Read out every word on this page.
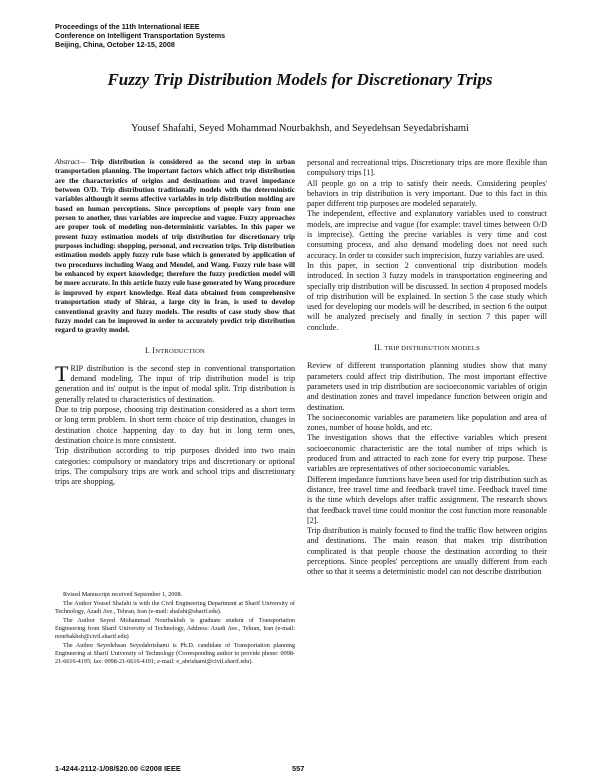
Proceedings of the 11th International IEEE
Conference on Intelligent Transportation Systems
Beijing, China, October 12-15, 2008
Fuzzy Trip Distribution Models for Discretionary Trips
Yousef Shafahi, Seyed Mohammad Nourbakhsh, and Seyedehsan Seyedabrishami

Abstract— Trip distribution is considered as the second step in urban transportation planning. The important factors which affect trip distribution are the characteristics of origins and destinations and travel impedance between O/D. Trip distribution traditionally models with the deterministic variables although it seems affective variables in trip distribution molding are based on human perceptions. Since perceptions of people vary from one person to another, thus variables are imprecise and vague. Fuzzy approaches are proper took of modeling non-deterministic variables. In this paper we present fuzzy estimation models of trip distribution for discretionary trip purposes including: shopping, personal, and recreation trips. Trip distribution estimation models apply fuzzy rule base which is generated by application of two procedures including Wang and Mendel, and Wang. Fuzzy rule base will be enhanced by expert knowledge; therefore the fuzzy prediction model will be more accurate. In this article fuzzy rule base generated by Wang procedure is improved by expert knowledge. Real data obtained from comprehensive transportation study of Shiraz, a large city in Iran, is used to develop conventional gravity and fuzzy models. The results of case study show that fuzzy model can be improved in order to accurately predict trip distribution regard to gravity model.

I. INTRODUCTION

TRIP distribution is the second step in conventional transportation demand modeling. The input of trip distribution model is trip generation and its' output is the input of modal split. Trip distribution is generally related to characteristics of destination.

Due to trip purpose, choosing trip destination considered as a short term or long term problem. In short term choice of trip destination, changes in destination choice happening day to day but in long term ones, destination choice is more consistent.

Trip distribution according to trip purposes divided into two main categories: compulsory or mandatory trips and discretionary or optional trips. The compulsory trips are work and school trips and discretionary trips are shopping,

Rvised Manuscript received September 1, 2008.

The Author Yousef Shafahi is with the Civil Engineering Department at Sharif University of Technology, Azadi Ave., Tehran, Iran (e-mail: shafahi@sharif.edu).

The Author Seyed Mohammad Nourbakhsh is graduate student of Transportation Engineering from Sharif University of Technology, Address: Azadi Ave., Tehran, Iran (e-mail: nourbakhsh@civil.sharif.edu)

The Author Seyedehsan Seyedabrishami is Ph.D. candidate of Transportation planning Engineering at Sharif University of Technology (Corresponding author to provide phone: 0098-21-6616-4195; fax: 0098-21-6616-4191; e-mail: e_abrishami@civil.sharif.edu).

personal and recreational trips. Discretionary trips are more flexible than compulsory trips [1].

All people go on a trip to satisfy their needs. Considering peoples' behaviors in trip distribution is very important. Due to this fact in this paper different trip purposes are modeled separately.

The independent, effective and explanatory variables used to construct models, are imprecise and vague (for example: travel times between O/D is imprecise). Getting the precise variables is very time and cost consuming process, and also demand modeling does not need such accuracy. In order to consider such imprecision, fuzzy variables are used.

In this paper, in section 2 conventional trip distribution models introduced. In section 3 fuzzy models in transportation engineering and specially trip distribution will be discussed. In section 4 proposed models of trip distribution will be explained. In section 5 the case study which used for developing our models will be described, in section 6 the output will be analyzed precisely and finally in section 7 this paper will conclude.

II. TRIP DISTRIBUTION MODELS

Review of different transportation planning studies show that many parameters could affect trip distribution. The most important effective parameters used in trip distribution are socioeconomic variables of origin and destination zones and travel impedance function between origin and destination.

The socioeconomic variables are parameters like population and area of zones, number of house holds, and etc.

The investigation shows that the effective variables which present socioeconomic characteristic are the total number of trips which is produced from and attracted to each zone for every trip purpose. These variables are representatives of other socioeconomic variables.

Different impedance functions have been used for trip distribution such as distance, free travel time and feedback travel time. Feedback travel time is the time which develops after traffic assignment. The research shows that feedback travel time could monitor the cost function more reasonable [2].

Trip distribution is mainly focused to find the traffic flow between origins and destinations. The main reason that makes trip distribution complicated is that people choose the destination according to their perceptions. Since peoples' perceptions are usually different from each other so that it seems a deterministic model can not describe distribution

1-4244-2112-1/08/$20.00 ©2008 IEEE	557
